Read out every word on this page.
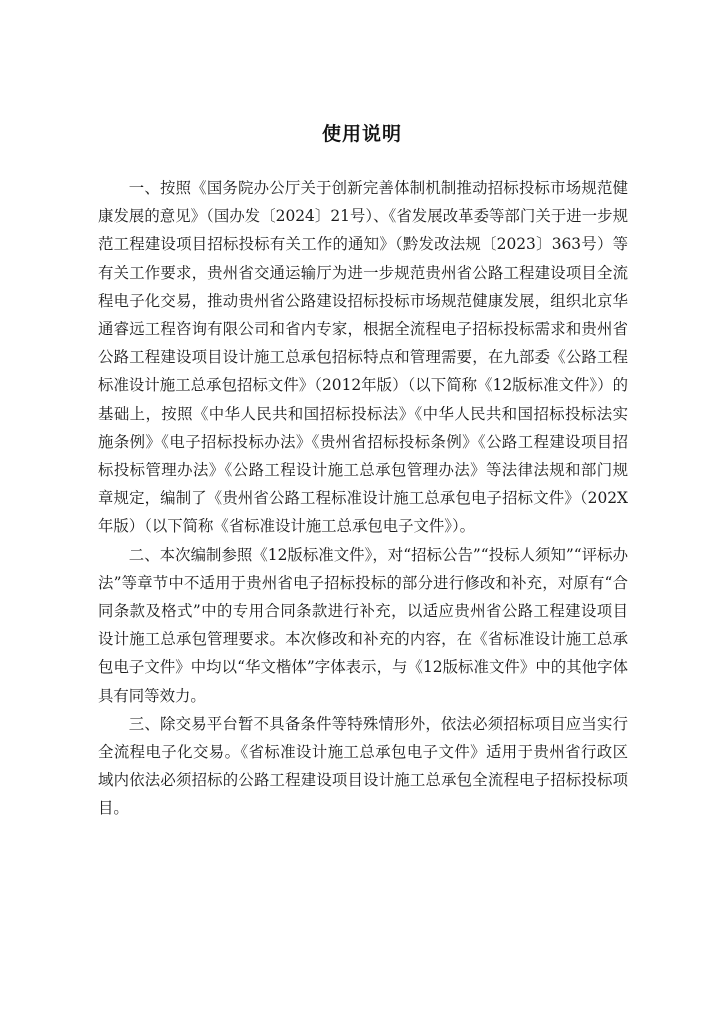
使用说明

一、按照《国务院办公厅关于创新完善体制机制推动招标投标市场规范健康发展的意见》（国办发〔2024〕21号）、《省发展改革委等部门关于进一步规范工程建设项目招标投标有关工作的通知》（黔发改法规〔2023〕363号）等有关工作要求，贵州省交通运输厅为进一步规范贵州省公路工程建设项目全流程电子化交易，推动贵州省公路建设招标投标市场规范健康发展，组织北京华通睿远工程咨询有限公司和省内专家，根据全流程电子招标投标需求和贵州省公路工程建设项目设计施工总承包招标特点和管理需要，在九部委《公路工程标准设计施工总承包招标文件》（2012年版）（以下简称《12版标准文件》）的基础上，按照《中华人民共和国招标投标法》《中华人民共和国招标投标法实施条例》《电子招标投标办法》《贵州省招标投标条例》《公路工程建设项目招标投标管理办法》《公路工程设计施工总承包管理办法》等法律法规和部门规章规定，编制了《贵州省公路工程标准设计施工总承包电子招标文件》（202X年版）（以下简称《省标准设计施工总承包电子文件》）。

二、本次编制参照《12版标准文件》，对“招标公告”“投标人须知”“评标办法”等章节中不适用于贵州省电子招标投标的部分进行修改和补充，对原有“合同条款及格式”中的专用合同条款进行补充，以适应贵州省公路工程建设项目设计施工总承包管理要求。本次修改和补充的内容，在《省标准设计施工总承包电子文件》中均以“华文楷体”字体表示，与《12版标准文件》中的其他字体具有同等效力。

三、除交易平台暂不具备条件等特殊情形外，依法必须招标项目应当实行全流程电子化交易。《省标准设计施工总承包电子文件》适用于贵州省行政区域内依法必须招标的公路工程建设项目设计施工总承包全流程电子招标投标项目。
